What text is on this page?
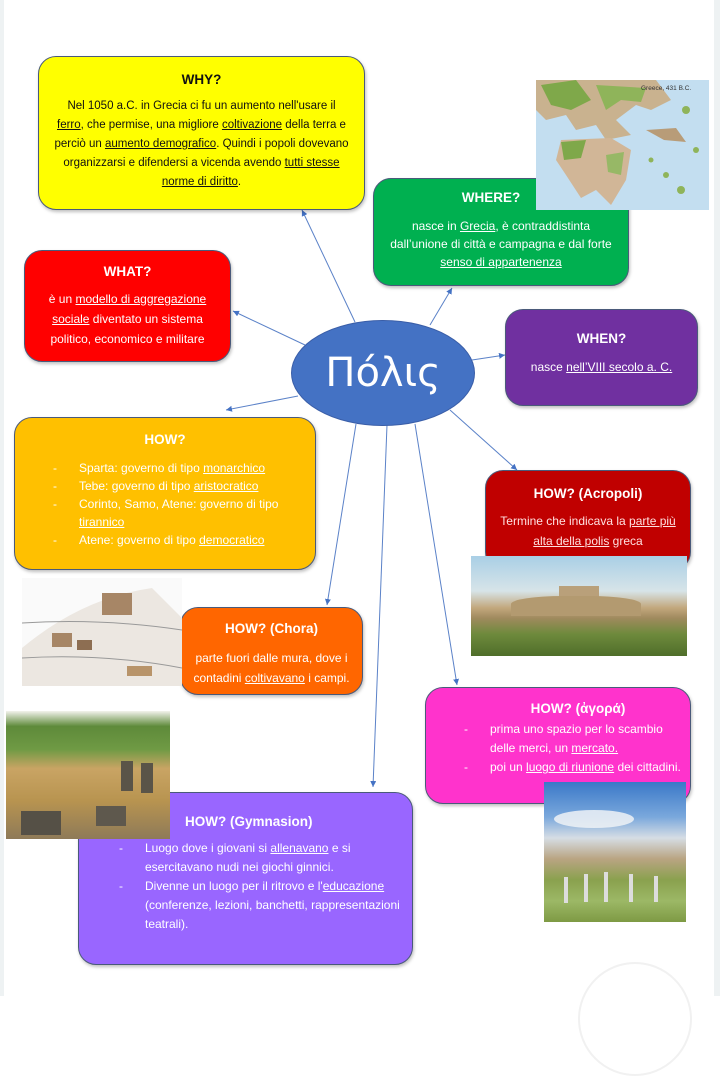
Πόλις
WHY?
Nel 1050 a.C. in Grecia ci fu un aumento nell'usare il ferro, che permise, una migliore coltivazione della terra e perciò un aumento demografico. Quindi i popoli dovevano organizzarsi e difendersi a vicenda avendo tutti stesse norme di diritto.
Greece, 431 B.C.
WHERE?
nasce in Grecia, è contraddistinta dall’unione di città e campagna e dal forte senso di appartenenza
WHAT?
è un modello di aggregazione sociale diventato un sistema politico, economico e militare	WHEN?
nasce nell’VIII secolo a. C.
HOW?
- Sparta: governo di tipo monarchico
- Tebe: governo di tipo aristocratico
- Corinto, Samo, Atene: governo di tipo tirannico
- Atene: governo di tipo democratico
HOW? (Acropoli)
Termine che indicava la parte più alta della polis greca
HOW? (Chora)
parte fuori dalle mura, dove i contadini coltivavano i campi.
HOW? (ἀγορά)
- prima uno spazio per lo scambio delle merci, un mercato.
- poi un luogo di riunione dei cittadini.
HOW? (Gymnasion)
- Luogo dove i giovani si allenavano e si esercitavano nudi nei giochi ginnici.
- Divenne un luogo per il ritrovo e l'educazione (conferenze, lezioni, banchetti, rappresentazioni teatrali).
